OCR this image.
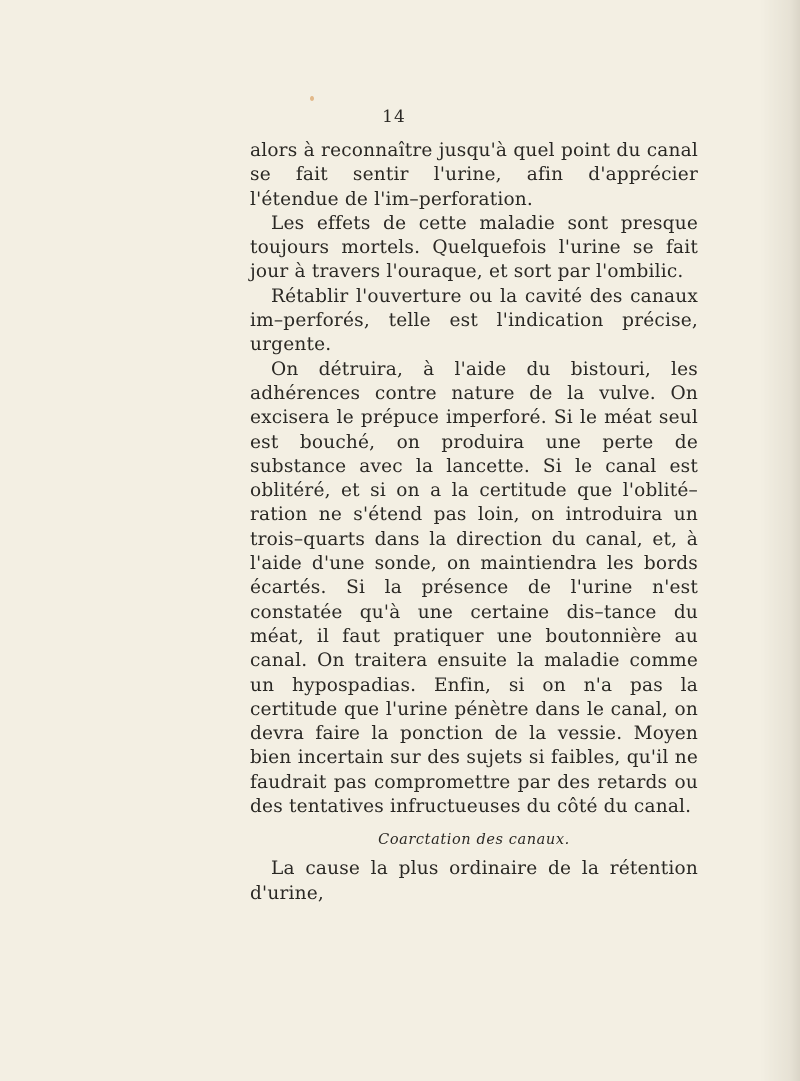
14

alors à reconnaître jusqu'à quel point du canal se fait sentir l'urine, afin d'apprécier l'étendue de l'im–perforation.

Les effets de cette maladie sont presque toujours mortels. Quelquefois l'urine se fait jour à travers l'ouraque, et sort par l'ombilic.

Rétablir l'ouverture ou la cavité des canaux im–perforés, telle est l'indication précise, urgente.

On détruira, à l'aide du bistouri, les adhérences contre nature de la vulve. On excisera le prépuce imperforé. Si le méat seul est bouché, on produira une perte de substance avec la lancette. Si le canal est oblitéré, et si on a la certitude que l'oblité–ration ne s'étend pas loin, on introduira un trois–quarts dans la direction du canal, et, à l'aide d'une sonde, on maintiendra les bords écartés. Si la présence de l'urine n'est constatée qu'à une certaine dis–tance du méat, il faut pratiquer une boutonnière au canal. On traitera ensuite la maladie comme un hypospadias. Enfin, si on n'a pas la certitude que l'urine pénètre dans le canal, on devra faire la ponction de la vessie. Moyen bien incertain sur des sujets si faibles, qu'il ne faudrait pas compromettre par des retards ou des tentatives infructueuses du côté du canal.

Coarctation des canaux.

La cause la plus ordinaire de la rétention d'urine,
